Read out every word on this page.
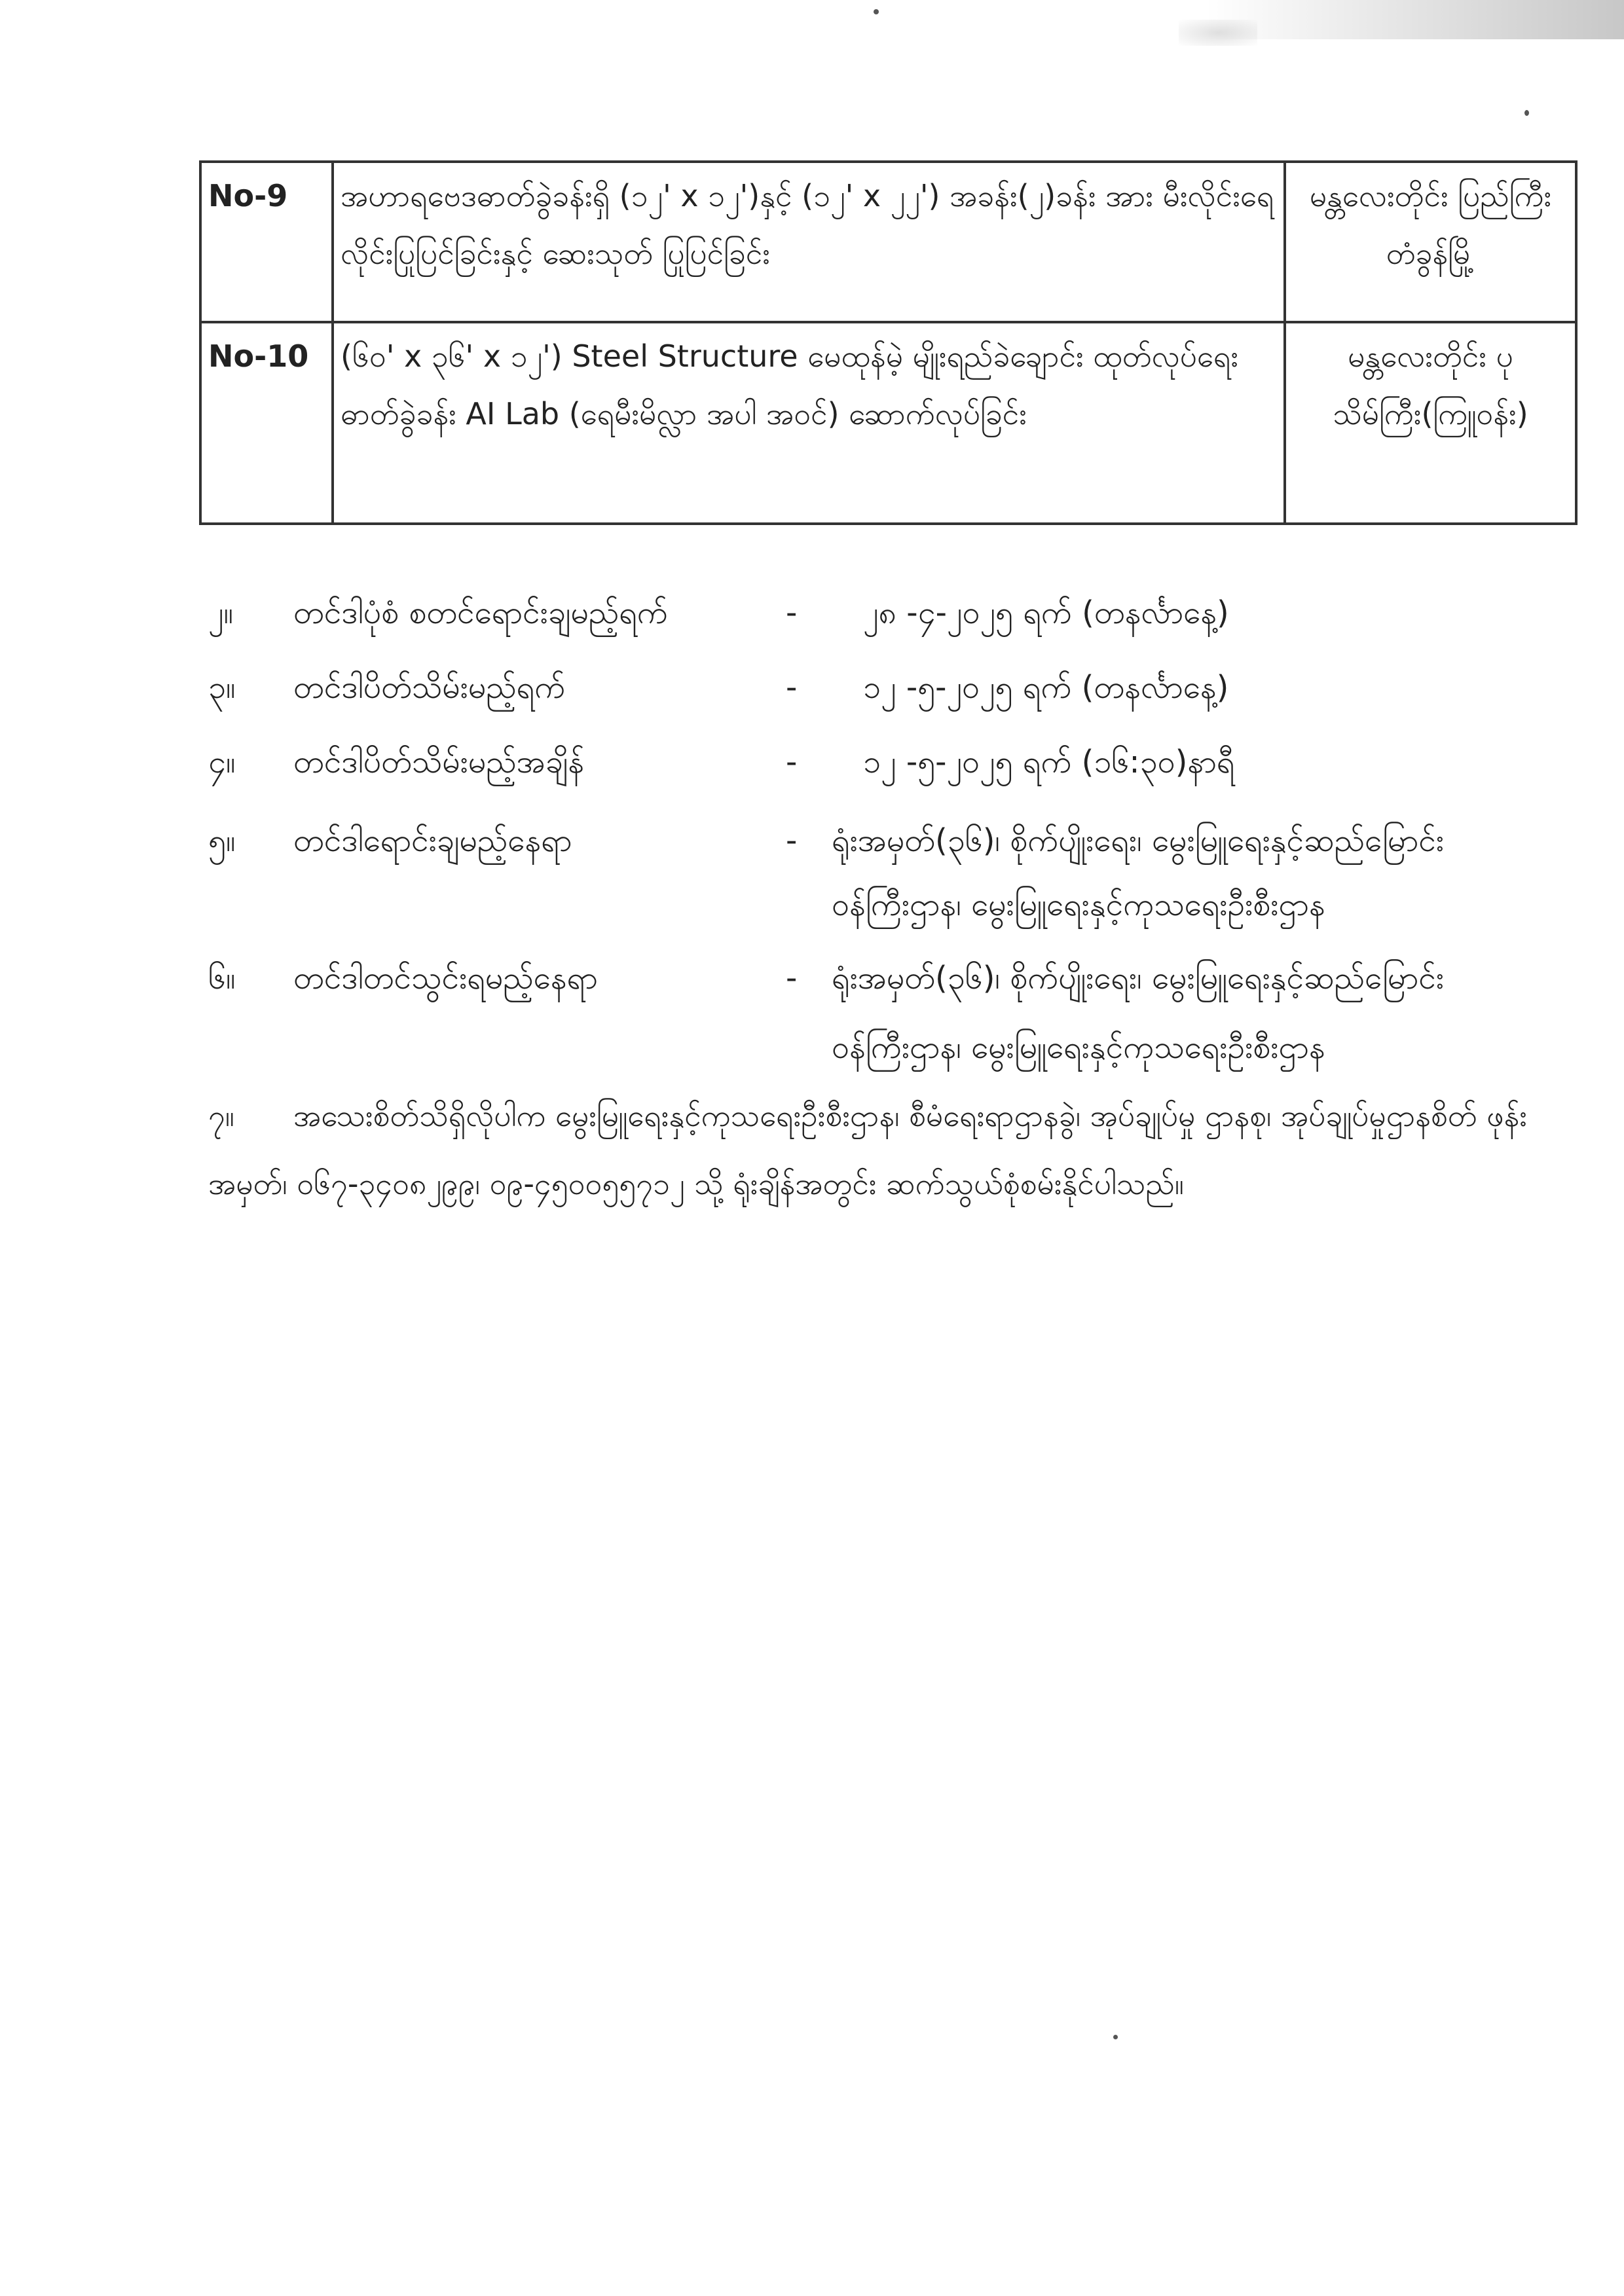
No-9	အဟာရဗေဒဓာတ်ခွဲခန်းရှိ (၁၂' x ၁၂')နှင့် (၁၂' x ၂၂') အခန်း(၂)ခန်း အား မီးလိုင်းရေလိုင်းပြုပြင်ခြင်းနှင့် ဆေးသုတ် ပြုပြင်ခြင်း	မန္တလေးတိုင်း ပြည်ကြီးတံခွန်မြို့
No-10	(၆၀' x ၃၆' x ၁၂') Steel Structure မေထုန်မဲ့ မျိုးရည်ခဲချောင်း ထုတ်လုပ်ရေး ဓာတ်ခွဲခန်း AI Lab (ရေမီးမိလ္လာ အပါ အဝင်) ဆောက်လုပ်ခြင်း	မန္တလေးတိုင်း ပုသိမ်ကြီး(ကြူဝန်း)
၂။ တင်ဒါပုံစံ စတင်ရောင်းချမည့်ရက်	- ၂၈ -၄-၂၀၂၅ ရက် (တနင်္လာနေ့)
၃။ တင်ဒါပိတ်သိမ်းမည့်ရက်	- ၁၂ -၅-၂၀၂၅ ရက် (တနင်္လာနေ့)
၄။ တင်ဒါပိတ်သိမ်းမည့်အချိန်	- ၁၂ -၅-၂၀၂၅ ရက် (၁၆:၃၀)နာရီ
၅။ တင်ဒါရောင်းချမည့်နေရာ	- ရုံးအမှတ်(၃၆)၊ စိုက်ပျိုးရေး၊ မွေးမြူရေးနှင့်ဆည်မြောင်း
ဝန်ကြီးဌာန၊ မွေးမြူရေးနှင့်ကုသရေးဦးစီးဌာန
၆။ တင်ဒါတင်သွင်းရမည့်နေရာ	- ရုံးအမှတ်(၃၆)၊ စိုက်ပျိုးရေး၊ မွေးမြူရေးနှင့်ဆည်မြောင်း
ဝန်ကြီးဌာန၊ မွေးမြူရေးနှင့်ကုသရေးဦးစီးဌာန
၇။ အသေးစိတ်သိရှိလိုပါက မွေးမြူရေးနှင့်ကုသရေးဦးစီးဌာန၊ စီမံရေးရာဌာနခွဲ၊ အုပ်ချုပ်မှု ဌာနစု၊ အုပ်ချုပ်မှုဌာနစိတ် ဖုန်းအမှတ်၊ ၀၆၇-၃၄၀၈၂၉၉၊ ၀၉-၄၅၀၀၅၅၇၁၂ သို့ ရုံးချိန်အတွင်း ဆက်သွယ်စုံစမ်းနိုင်ပါသည်။
